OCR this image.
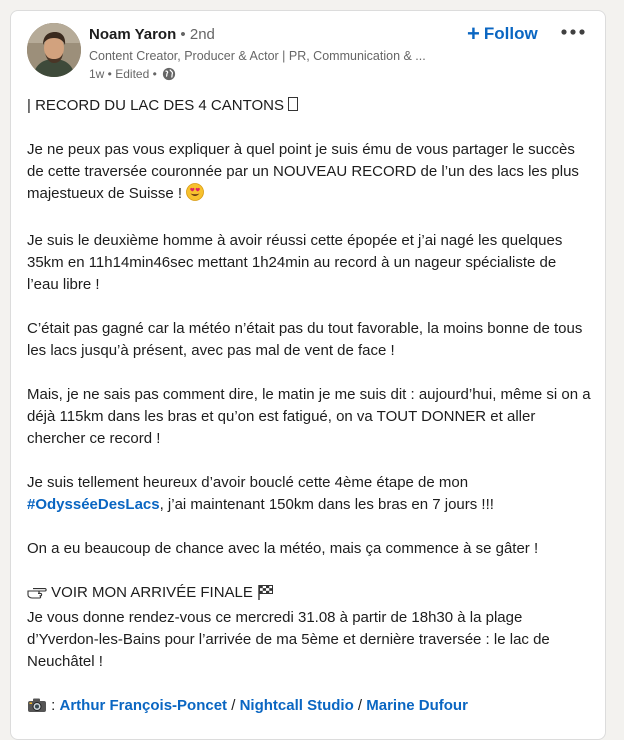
Noam Yaron • 2nd
Content Creator, Producer & Actor | PR, Communication & ...
1w • Edited •
+ Follow

| RECORD DU LAC DES 4 CANTONS

Je ne peux pas vous expliquer à quel point je suis ému de vous partager le succès de cette traversée couronnée par un NOUVEAU RECORD de l’un des lacs les plus majestueux de Suisse !

Je suis le deuxième homme à avoir réussi cette épopée et j’ai nagé les quelques 35km en 11h14min46sec mettant 1h24min au record à un nageur spécialiste de l’eau libre !

C’était pas gagné car la météo n’était pas du tout favorable, la moins bonne de tous les lacs jusqu’à présent, avec pas mal de vent de face !

Mais, je ne sais pas comment dire, le matin je me suis dit : aujourd’hui, même si on a déjà 115km dans les bras et qu’on est fatigué, on va TOUT DONNER et aller chercher ce record !

Je suis tellement heureux d’avoir bouclé cette 4ème étape de mon #OdysséeDesLacs, j’ai maintenant 150km dans les bras en 7 jours !!!

On a eu beaucoup de chance avec la météo, mais ça commence à se gâter !

VOIR MON ARRIVÉE FINALE
Je vous donne rendez-vous ce mercredi 31.08 à partir de 18h30 à la plage d’Yverdon-les-Bains pour l’arrivée de ma 5ème et dernière traversée : le lac de Neuchâtel !

: Arthur François-Poncet / Nightcall Studio / Marine Dufour
